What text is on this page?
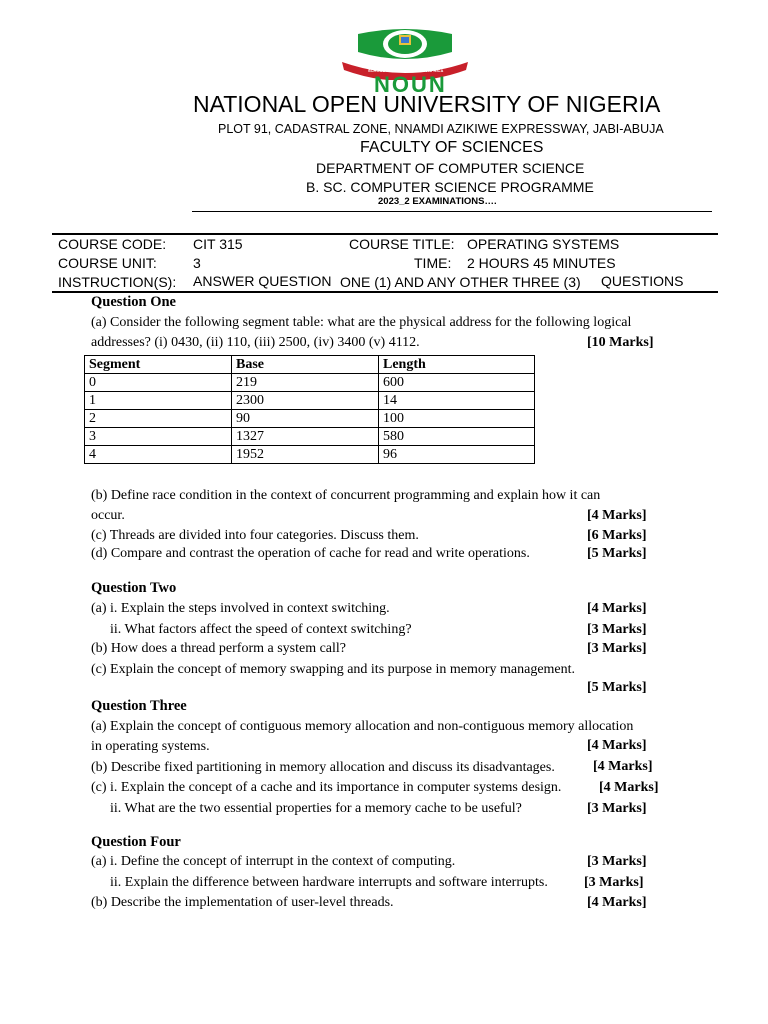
SCHOOL FOR KNOWLEDGE IN AFRICA
NOUN
NATIONAL OPEN UNIVERSITY OF NIGERIA
PLOT 91, CADASTRAL ZONE, NNAMDI AZIKIWE EXPRESSWAY, JABI-ABUJA
FACULTY OF SCIENCES
DEPARTMENT OF COMPUTER SCIENCE
B. SC. COMPUTER SCIENCE PROGRAMME
2023_2 EXAMINATIONS….
COURSE CODE: CIT 315	COURSE TITLE: OPERATING SYSTEMS
COURSE UNIT:	3	TIME: 2 HOURS 45 MINUTES
INSTRUCTION(S): ANSWER QUESTION ONE (1) AND ANY OTHER THREE (3) QUESTIONS
Question One
(a) Consider the following segment table: what are the physical address for the following logical
addresses? (i) 0430, (ii) 110, (iii) 2500, (iv) 3400 (v) 4112.	[10 Marks]
Segment	Base	Length
0	219	600
1	2300	14
2	90	100
3	1327	580
4	1952	96
(b) Define race condition in the context of concurrent programming and explain how it can
occur.	[4 Marks]
(c) Threads are divided into four categories. Discuss them.	[6 Marks]
(d) Compare and contrast the operation of cache for read and write operations.	[5 Marks]
Question Two
(a) i. Explain the steps involved in context switching.	[4 Marks]
ii. What factors affect the speed of context switching?	[3 Marks]
(b) How does a thread perform a system call?	[3 Marks]
(c) Explain the concept of memory swapping and its purpose in memory management.
[5 Marks]
Question Three
(a) Explain the concept of contiguous memory allocation and non-contiguous memory allocation
in operating systems.	[4 Marks]
(b) Describe fixed partitioning in memory allocation and discuss its disadvantages.	[4 Marks]
(c) i. Explain the concept of a cache and its importance in computer systems design.	[4 Marks]
ii. What are the two essential properties for a memory cache to be useful?	[3 Marks]
Question Four
(a) i. Define the concept of interrupt in the context of computing.	[3 Marks]
ii. Explain the difference between hardware interrupts and software interrupts.	[3 Marks]
(b) Describe the implementation of user-level threads.	[4 Marks]
